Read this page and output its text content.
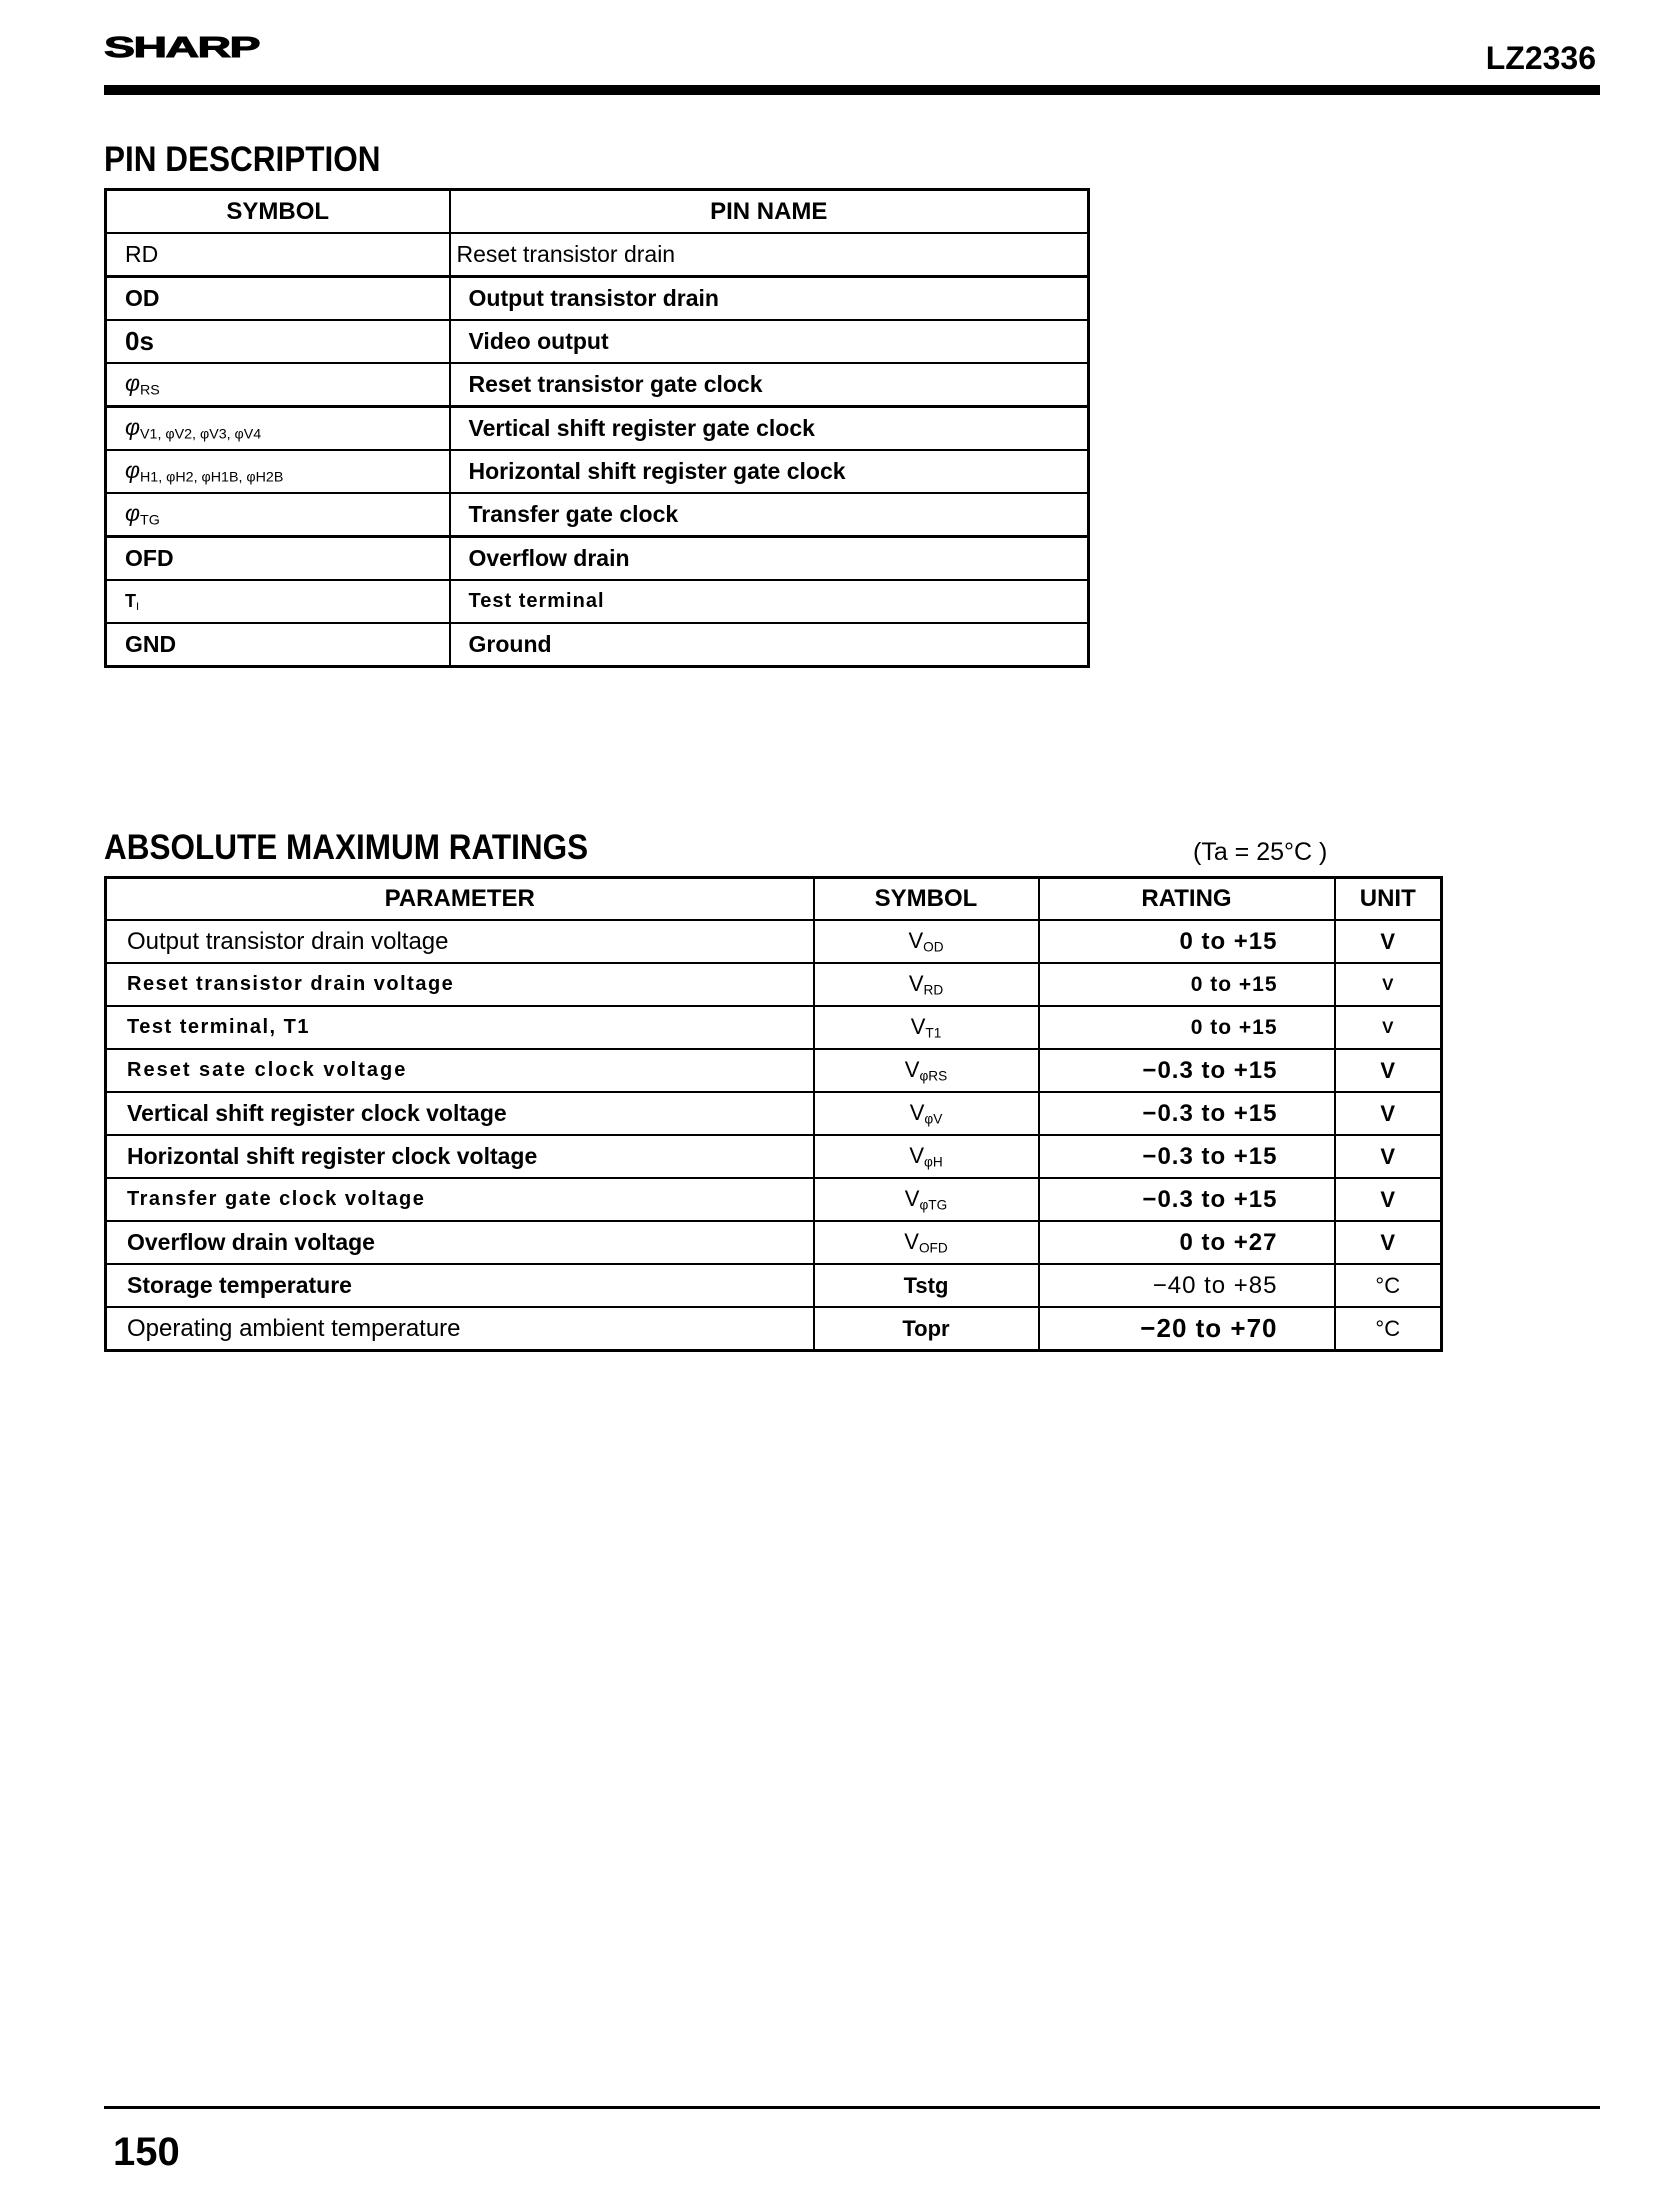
SHARP	LZ2336
PIN DESCRIPTION
SYMBOL	PIN NAME
RD	Reset transistor drain
OD	Output transistor drain
0s	Video output
$\varphi_{RS}$	Reset transistor gate clock
$\varphi_{V1, \varphi V2, \varphi V3, \varphi V4}$	Vertical shift register gate clock
$\varphi_{H1, \varphi H2, \varphi H1B, \varphi H2B}$	Horizontal shift register gate clock
$\varphi_{TG}$	Transfer gate clock
OFD	Overflow drain
$T_I$	Test terminal
GND	Ground
ABSOLUTE MAXIMUM RATINGS	(Ta = 25°C )
PARAMETER	SYMBOL	RATING	UNIT
Output transistor drain voltage	$V_{OD}$	0 to +15	V
Reset transistor drain voltage	$V_{RD}$	0 to +15	V
Test terminal, T1	$V_{T1}$	0 to +15	V
Reset sate clock voltage	$V_{\varphi RS}$	−0.3 to +15	V
Vertical shift register clock voltage	$V_{\varphi V}$	−0.3 to +15	V
Horizontal shift register clock voltage	$V_{\varphi H}$	−0.3 to +15	V
Transfer gate clock voltage	$V_{\varphi TG}$	−0.3 to +15	V
Overflow drain voltage	$V_{OFD}$	0 to +27	V
Storage temperature	Tstg	−40 to +85	°C
Operating ambient temperature	Topr	−20 to +70	°C
150
